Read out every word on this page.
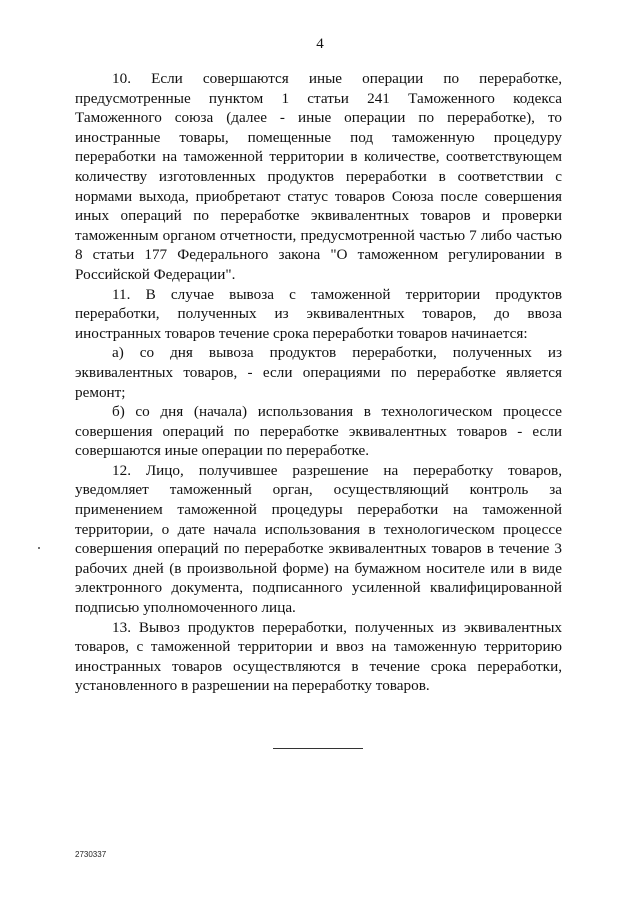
4

10. Если совершаются иные операции по переработке, предусмотренные пунктом 1 статьи 241 Таможенного кодекса Таможенного союза (далее - иные операции по переработке), то иностранные товары, помещенные под таможенную процедуру переработки на таможенной территории в количестве, соответствующем количеству изготовленных продуктов переработки в соответствии с нормами выхода, приобретают статус товаров Союза после совершения иных операций по переработке эквивалентных товаров и проверки таможенным органом отчетности, предусмотренной частью 7 либо частью 8 статьи 177 Федерального закона "О таможенном регулировании в Российской Федерации".

11. В случае вывоза с таможенной территории продуктов переработки, полученных из эквивалентных товаров, до ввоза иностранных товаров течение срока переработки товаров начинается:

а) со дня вывоза продуктов переработки, полученных из эквивалентных товаров, - если операциями по переработке является ремонт;

б) со дня (начала) использования в технологическом процессе совершения операций по переработке эквивалентных товаров - если совершаются иные операции по переработке.

12. Лицо, получившее разрешение на переработку товаров, уведомляет таможенный орган, осуществляющий контроль за применением таможенной процедуры переработки на таможенной территории, о дате начала использования в технологическом процессе совершения операций по переработке эквивалентных товаров в течение 3 рабочих дней (в произвольной форме) на бумажном носителе или в виде электронного документа, подписанного усиленной квалифицированной подписью уполномоченного лица.

13. Вывоз продуктов переработки, полученных из эквивалентных товаров, с таможенной территории и ввоз на таможенную территорию иностранных товаров осуществляются в течение срока переработки, установленного в разрешении на переработку товаров.

2730337
